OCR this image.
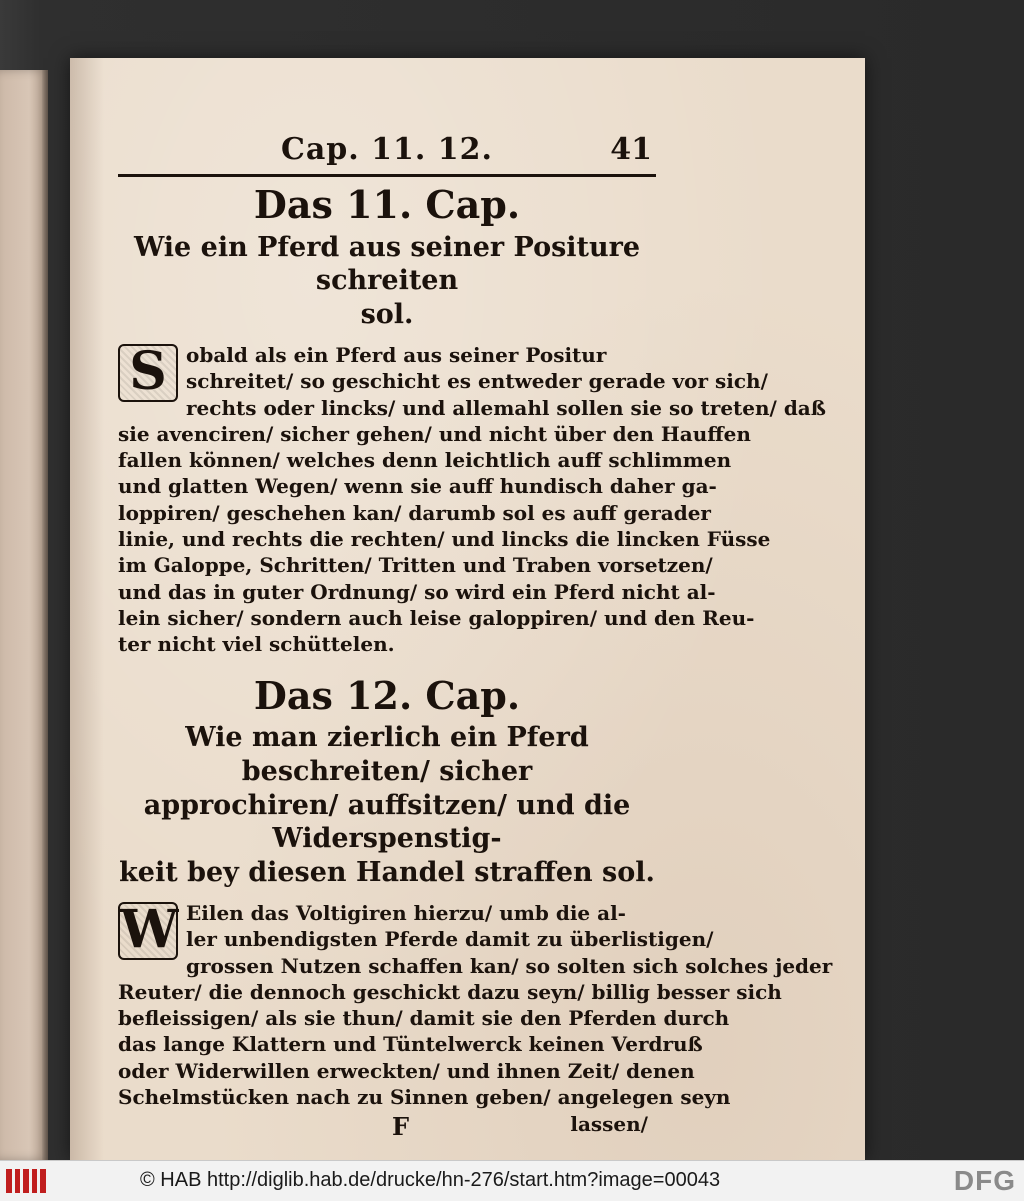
Cap. 11. 12.	41
Das 11. Cap.
Wie ein Pferd aus seiner Positure schreiten
sol.
S obald als ein Pferd aus seiner Positur
schreitet/ so geschicht es entweder gerade vor sich/
rechts oder lincks/ und allemahl sollen sie so treten/ daß
sie avenciren/ sicher gehen/ und nicht über den Hauffen
fallen können/ welches denn leichtlich auff schlimmen
und glatten Wegen/ wenn sie auff hundisch daher ga-
loppiren/ geschehen kan/ darumb sol es auff gerader
linie, und rechts die rechten/ und lincks die lincken Füsse
im Galoppe, Schritten/ Tritten und Traben vorsetzen/
und das in guter Ordnung/ so wird ein Pferd nicht al-
lein sicher/ sondern auch leise galoppiren/ und den Reu-
ter nicht viel schüttelen.
Das 12. Cap.
Wie man zierlich ein Pferd beschreiten/ sicher
approchiren/ auffsitzen/ und die Widerspenstig-
keit bey diesen Handel straffen sol.
W Eilen das Voltigiren hierzu/ umb die al-
ler unbendigsten Pferde damit zu überlistigen/
grossen Nutzen schaffen kan/ so solten sich solches jeder
Reuter/ die dennoch geschickt dazu seyn/ billig besser sich
befleissigen/ als sie thun/ damit sie den Pferden durch
das lange Klattern und Tüntelwerck keinen Verdruß
oder Widerwillen erweckten/ und ihnen Zeit/ denen
Schelmstücken nach zu Sinnen geben/ angelegen seyn
F	lassen/
© HAB http://diglib.hab.de/drucke/hn-276/start.htm?image=00043	DFG
